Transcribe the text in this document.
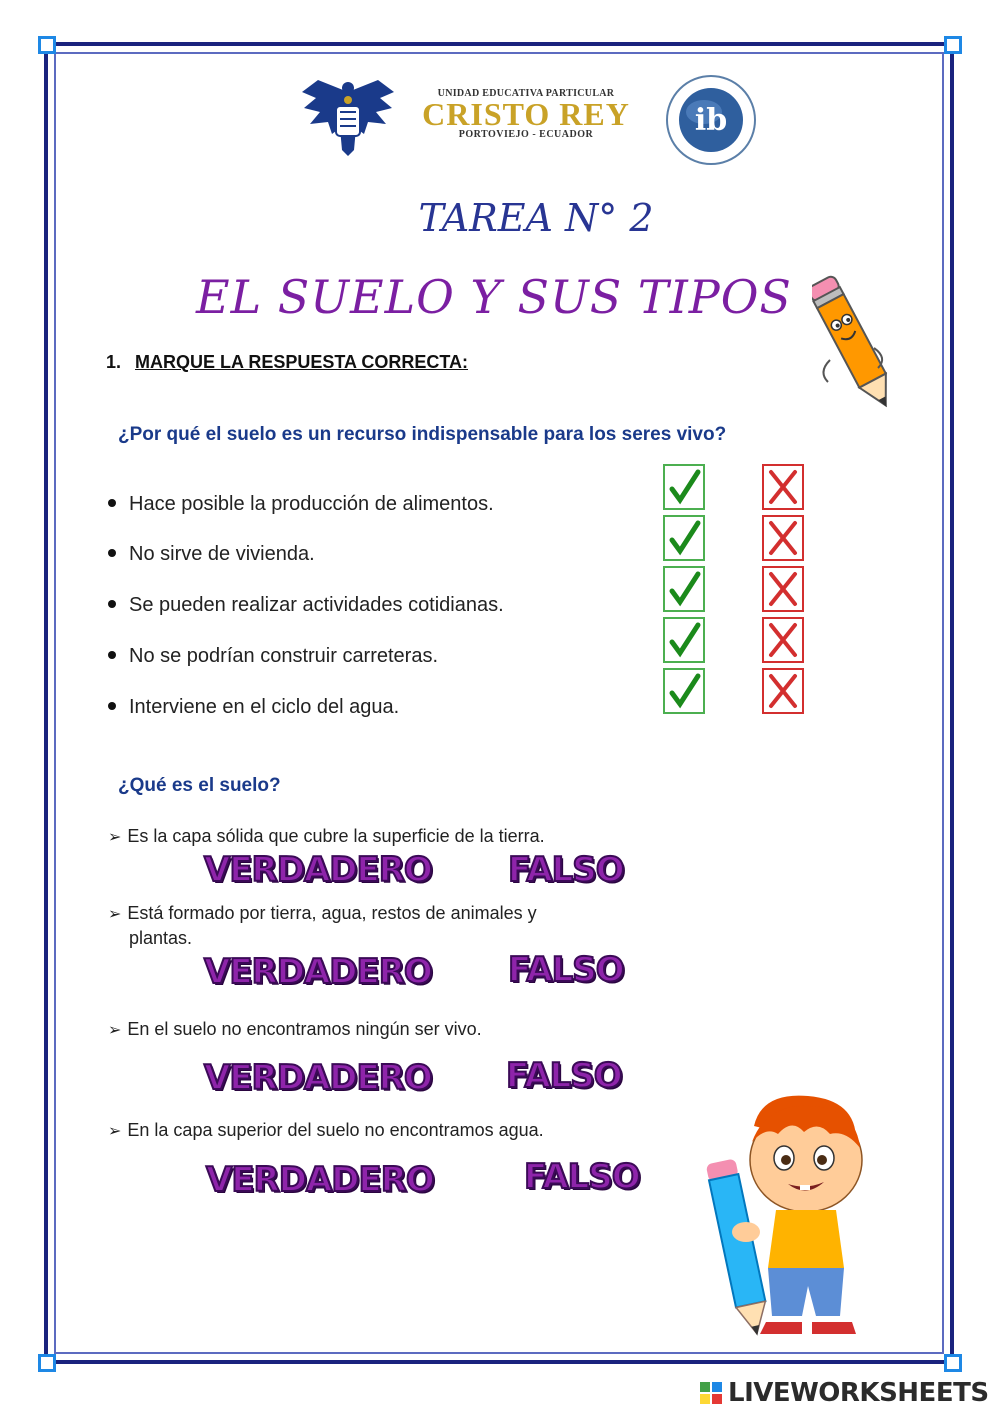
UNIDAD EDUCATIVA PARTICULAR
CRISTO REY
PORTOVIEJO - ECUADOR	ib
TAREA N° 2
EL SUELO Y SUS TIPOS
1. MARQUE LA RESPUESTA CORRECTA:
¿Por qué el suelo es un recurso indispensable para los seres vivo?
Hace posible la producción de alimentos.
No sirve de vivienda.
Se pueden realizar actividades cotidianas.
No se podrían construir carreteras.
Interviene en el ciclo del agua.
¿Qué es el suelo?
➢ Es la capa sólida que cubre la superficie de la tierra.
VERDADERO FALSO
➢ Está formado por tierra, agua, restos de animales y
plantas.
VERDADERO FALSO
➢ En el suelo no encontramos ningún ser vivo.
VERDADERO FALSO
➢ En la capa superior del suelo no encontramos agua.
VERDADERO	FALSO
LIVEWORKSHEETS
